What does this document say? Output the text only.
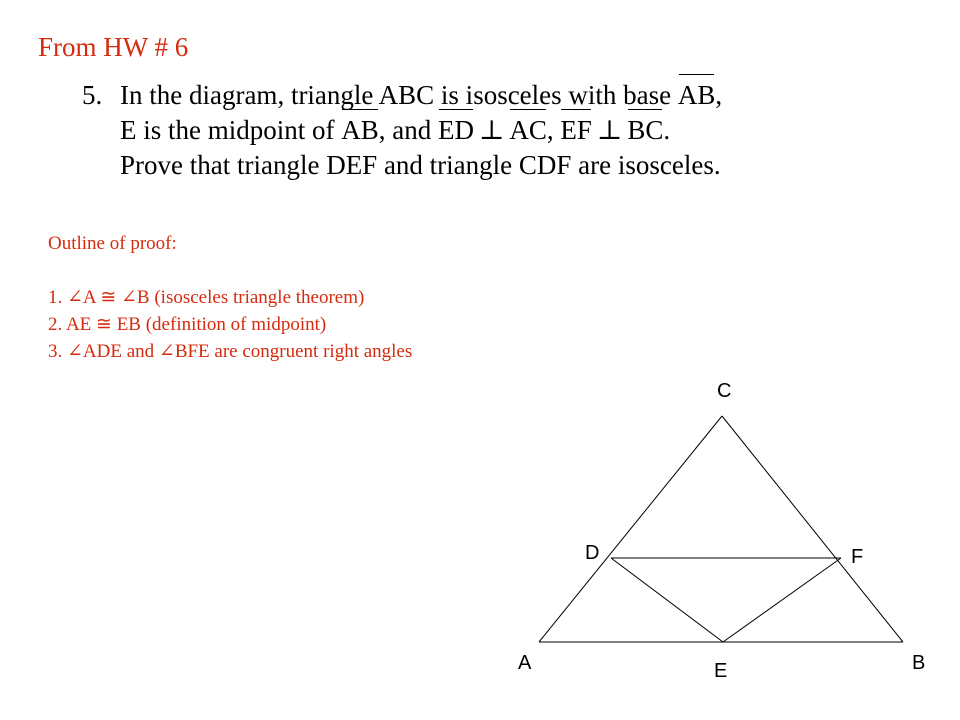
From HW # 6
5. In the diagram, triangle ABC is isosceles with base AB,
E is the midpoint of AB, and ED ⊥ AC, EF ⊥ BC.
Prove that triangle DEF and triangle CDF are isosceles.
Outline of proof:
1. ∠A ≅ ∠B (isosceles triangle theorem)
2. AE ≅ EB (definition of midpoint)
3. ∠ADE and ∠BFE are congruent right angles
C
D	F
A	E	B
